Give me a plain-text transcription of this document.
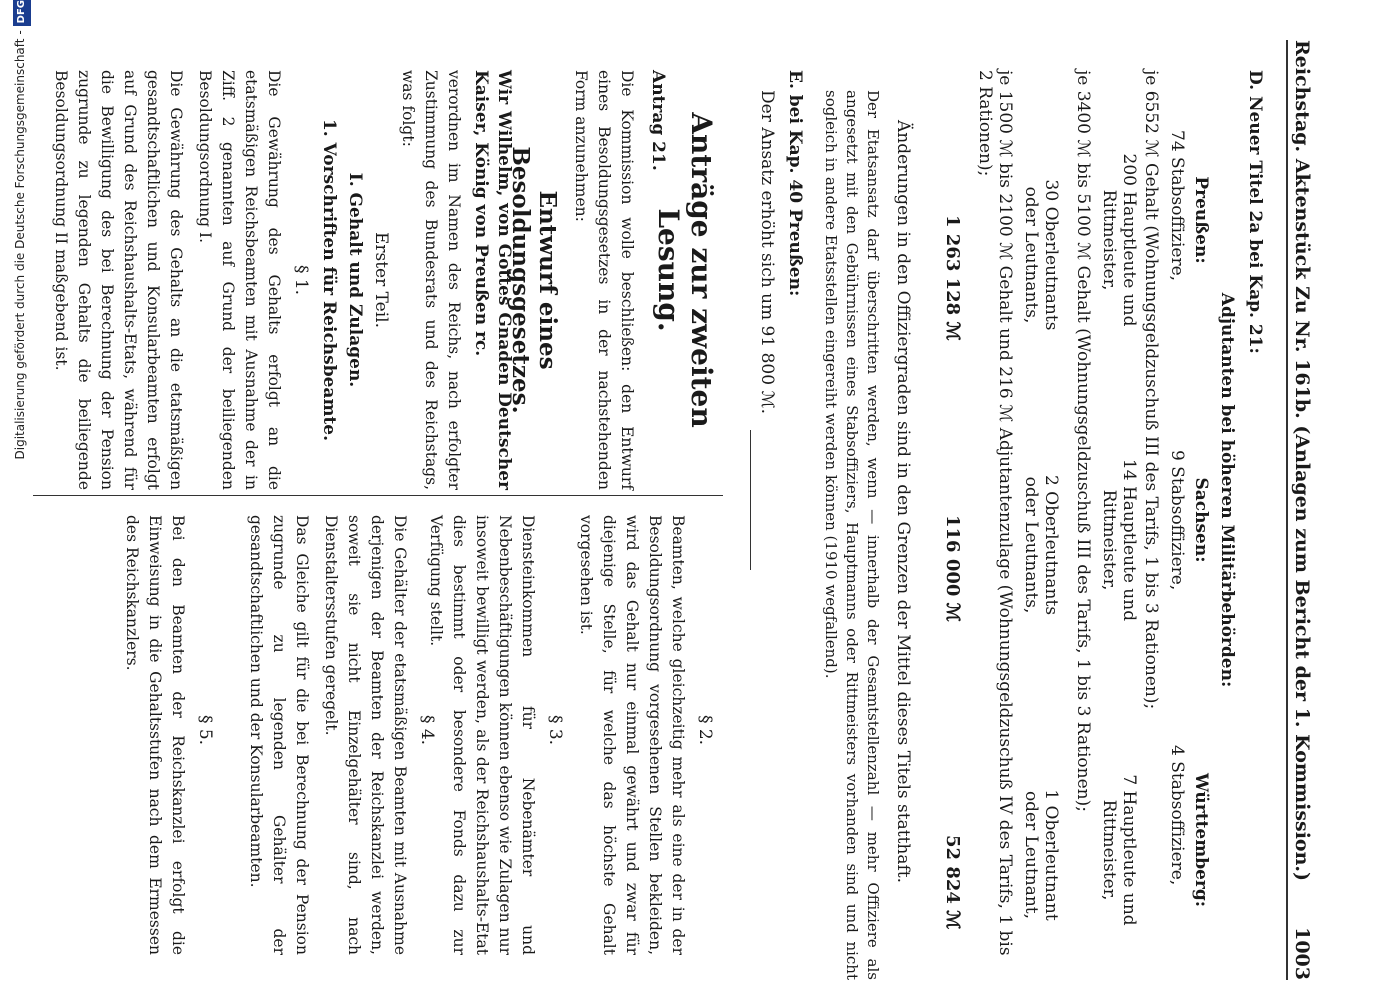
Digitalisierung gefördert durch die Deutsche Forschungsgemeinschaft -DFG
Reichstag. Aktenstück Zu Nr. 161b. (Anlagen zum Bericht der 1. Kommission.)
1003
D. Neuer Titel 2a bei Kap. 21:
Adjutanten bei höheren Militärbehörden:
Preußen:
Sachsen:
Württemberg:
74 Stabsoffiziere,
9 Stabsoffiziere,
4 Stabsoffiziere,
je 6552 ℳ Gehalt (Wohnungsgeldzuschuß III des Tarifs, 1 bis 3 Rationen);
200 Hauptleute und Rittmeister,
14 Hauptleute und Rittmeister,
7 Hauptleute und Rittmeister,
je 3400 ℳ bis 5100 ℳ Gehalt (Wohnungsgeldzuschuß III des Tarifs, 1 bis 3 Rationen);
30 Oberleutnants oder Leutnants,
2 Oberleutnants oder Leutnants,
1 Oberleutnant oder Leutnant,
je 1500 ℳ bis 2100 ℳ Gehalt und 216 ℳ Adjutantenzulage (Wohnungsgeldzuschuß IV des Tarifs, 1 bis 2 Rationen);
1 263 128 ℳ
116 000 ℳ
52 824 ℳ
Änderungen in den Offiziergraden sind in den Grenzen der Mittel dieses Titels statthaft.
Der Etatsansatz darf überschritten werden, wenn — innerhalb der Gesamtstellenzahl — mehr Offiziere als angesetzt mit den Gebührnissen eines Stabsoffiziers, Hauptmanns oder Rittmeisters vorhanden sind und nicht sogleich in andere Etatsstellen eingereiht werden können (1910 wegfallend).
E. bei Kap. 40 Preußen:
Der Ansatz erhöht sich um 91 800 ℳ.
Anträge zur zweiten Lesung.
Antrag 21.
Die Kommission wolle beschließen: den Entwurf eines Besoldungsgesetzes in der nachstehenden Form anzunehmen:
Entwurf eines Besoldungsgesetzes.
Wir Wilhelm, von Gottes Gnaden Deutscher Kaiser, König von Preußen rc.
verordnen im Namen des Reichs, nach erfolgter Zustimmung des Bundesrats und des Reichstags, was folgt:
Erster Teil.
I. Gehalt und Zulagen.
1. Vorschriften für Reichsbeamte.
§ 1.
Die Gewährung des Gehalts erfolgt an die etatsmäßigen Reichsbeamten mit Ausnahme der in Ziff. 2 genannten auf Grund der beiliegenden Besoldungsordnung I.
Die Gewährung des Gehalts an die etatsmäßigen gesandtschaftlichen und Konsularbeamten erfolgt auf Grund des Reichshaushalts-Etats, während für die Bewilligung des bei Berechnung der Pension zugrunde zu legenden Gehalts die beiliegende Besoldungsordnung II maßgebend ist.
§ 2.
Beamten, welche gleichzeitig mehr als eine der in der Besoldungsordnung vorgesehenen Stellen bekleiden, wird das Gehalt nur einmal gewährt und zwar für diejenige Stelle, für welche das höchste Gehalt vorgesehen ist.
§ 3.
Diensteinkommen für Nebenämter und Nebenbeschäftigungen können ebenso wie Zulagen nur insoweit bewilligt werden, als der Reichshaushalts-Etat dies bestimmt oder besondere Fonds dazu zur Verfügung stellt.
§ 4.
Die Gehälter der etatsmäßigen Beamten mit Ausnahme derjenigen der Beamten der Reichskanzlei werden, soweit sie nicht Einzelgehälter sind, nach Dienstaltersstufen geregelt.
Das Gleiche gilt für die bei Berechnung der Pension zugrunde zu legenden Gehälter der gesandtschaftlichen und der Konsularbeamten.
§ 5.
Bei den Beamten der Reichskanzlei erfolgt die Einweisung in die Gehaltsstufen nach dem Ermessen des Reichskanzlers.
